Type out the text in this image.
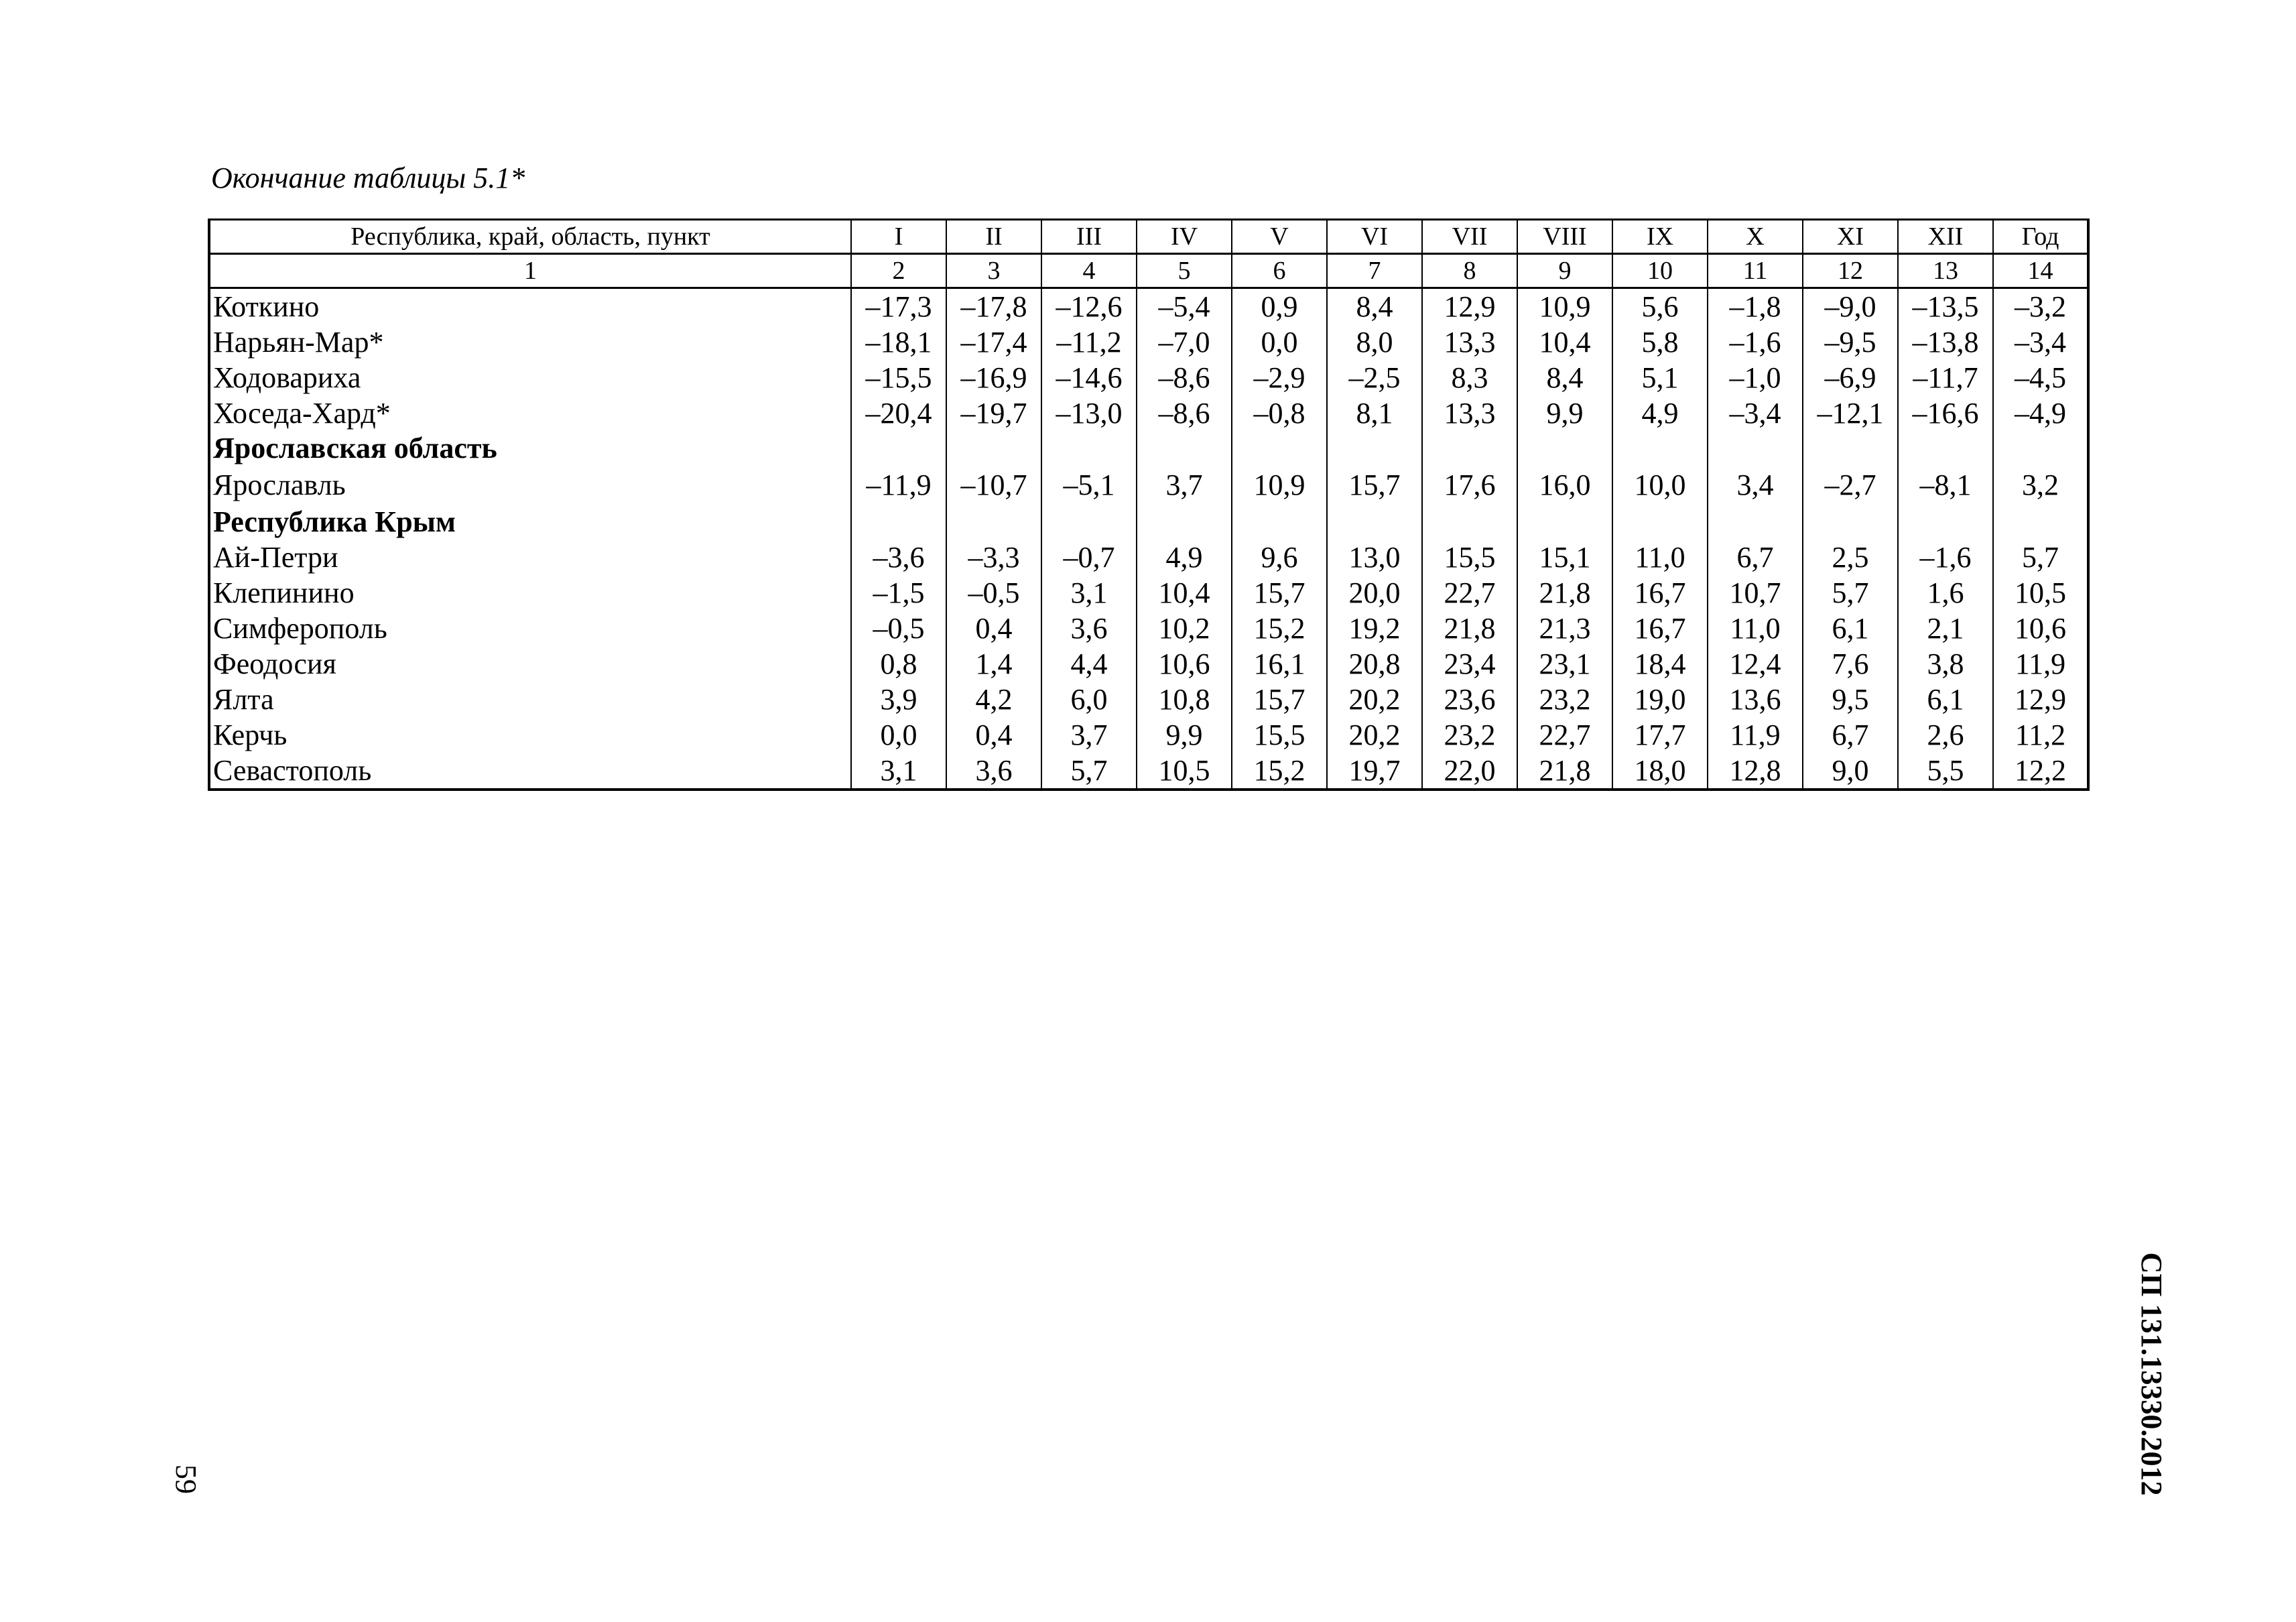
Окончание таблицы 5.1*
Республика, край, область, пункт	I	II	III	IV	V	VI	VII	VIII	IX	X	XI	XII	Год
1	2	3	4	5	6	7	8	9	10	11	12	13	14
Коткино	–17,3	–17,8	–12,6	–5,4	0,9	8,4	12,9	10,9	5,6	–1,8	–9,0	–13,5	–3,2
Нарьян-Мар*	–18,1	–17,4	–11,2	–7,0	0,0	8,0	13,3	10,4	5,8	–1,6	–9,5	–13,8	–3,4
Ходовариха	–15,5	–16,9	–14,6	–8,6	–2,9	–2,5	8,3	8,4	5,1	–1,0	–6,9	–11,7	–4,5
Хоседа-Хард*	–20,4	–19,7	–13,0	–8,6	–0,8	8,1	13,3	9,9	4,9	–3,4	–12,1	–16,6	–4,9
Ярославская область													
Ярославль	–11,9	–10,7	–5,1	3,7	10,9	15,7	17,6	16,0	10,0	3,4	–2,7	–8,1	3,2
Республика Крым													
Ай-Петри	–3,6	–3,3	–0,7	4,9	9,6	13,0	15,5	15,1	11,0	6,7	2,5	–1,6	5,7
Клепинино	–1,5	–0,5	3,1	10,4	15,7	20,0	22,7	21,8	16,7	10,7	5,7	1,6	10,5
Симферополь	–0,5	0,4	3,6	10,2	15,2	19,2	21,8	21,3	16,7	11,0	6,1	2,1	10,6
Феодосия	0,8	1,4	4,4	10,6	16,1	20,8	23,4	23,1	18,4	12,4	7,6	3,8	11,9
Ялта	3,9	4,2	6,0	10,8	15,7	20,2	23,6	23,2	19,0	13,6	9,5	6,1	12,9
Керчь	0,0	0,4	3,7	9,9	15,5	20,2	23,2	22,7	17,7	11,9	6,7	2,6	11,2
Севастополь	3,1	3,6	5,7	10,5	15,2	19,7	22,0	21,8	18,0	12,8	9,0	5,5	12,2
59	СП 131.13330.2012
